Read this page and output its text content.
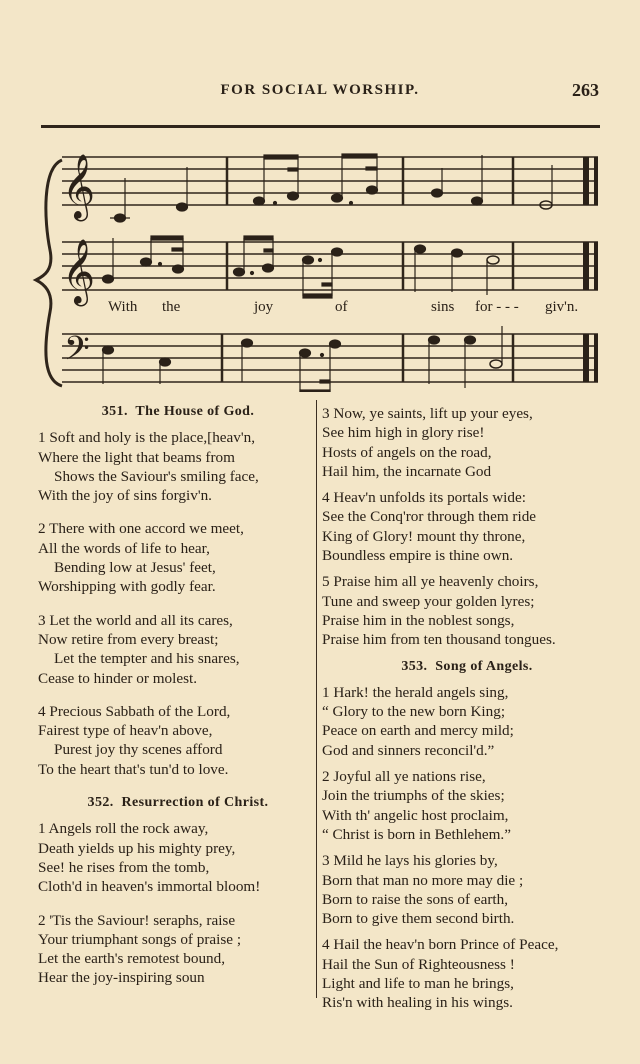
FOR SOCIAL WORSHIP.	263
𝄞
𝄞
𝄢
With the	joy	of	sins for - - - giv'n.
351. The House of God.
1 Soft and holy is the place,[heav'n,
Where the light that beams from
Shows the Saviour's smiling face,
With the joy of sins forgiv'n.
2 There with one accord we meet,
All the words of life to hear,
Bending low at Jesus' feet,
Worshipping with godly fear.
3 Let the world and all its cares,
Now retire from every breast;
Let the tempter and his snares,
Cease to hinder or molest.
4 Precious Sabbath of the Lord,
Fairest type of heav'n above,
Purest joy thy scenes afford
To the heart that's tun'd to love.
352. Resurrection of Christ.
1 Angels roll the rock away,
Death yields up his mighty prey,
See! he rises from the tomb,
Cloth'd in heaven's immortal bloom!
2 'Tis the Saviour! seraphs, raise
Your triumphant songs of praise ;
Let the earth's remotest bound,
Hear the joy-inspiring soun
3 Now, ye saints, lift up your eyes,
See him high in glory rise!
Hosts of angels on the road,
Hail him, the incarnate God
4 Heav'n unfolds its portals wide:
See the Conq'ror through them ride
King of Glory! mount thy throne,
Boundless empire is thine own.
5 Praise him all ye heavenly choirs,
Tune and sweep your golden lyres;
Praise him in the noblest songs,
Praise him from ten thousand tongues.
353. Song of Angels.
1 Hark! the herald angels sing,
“ Glory to the new born King;
Peace on earth and mercy mild;
God and sinners reconcil'd.”
2 Joyful all ye nations rise,
Join the triumphs of the skies;
With th' angelic host proclaim,
“ Christ is born in Bethlehem.”
3 Mild he lays his glories by,
Born that man no more may die ;
Born to raise the sons of earth,
Born to give them second birth.
4 Hail the heav'n born Prince of Peace,
Hail the Sun of Righteousness !
Light and life to man he brings,
Ris'n with healing in his wings.
